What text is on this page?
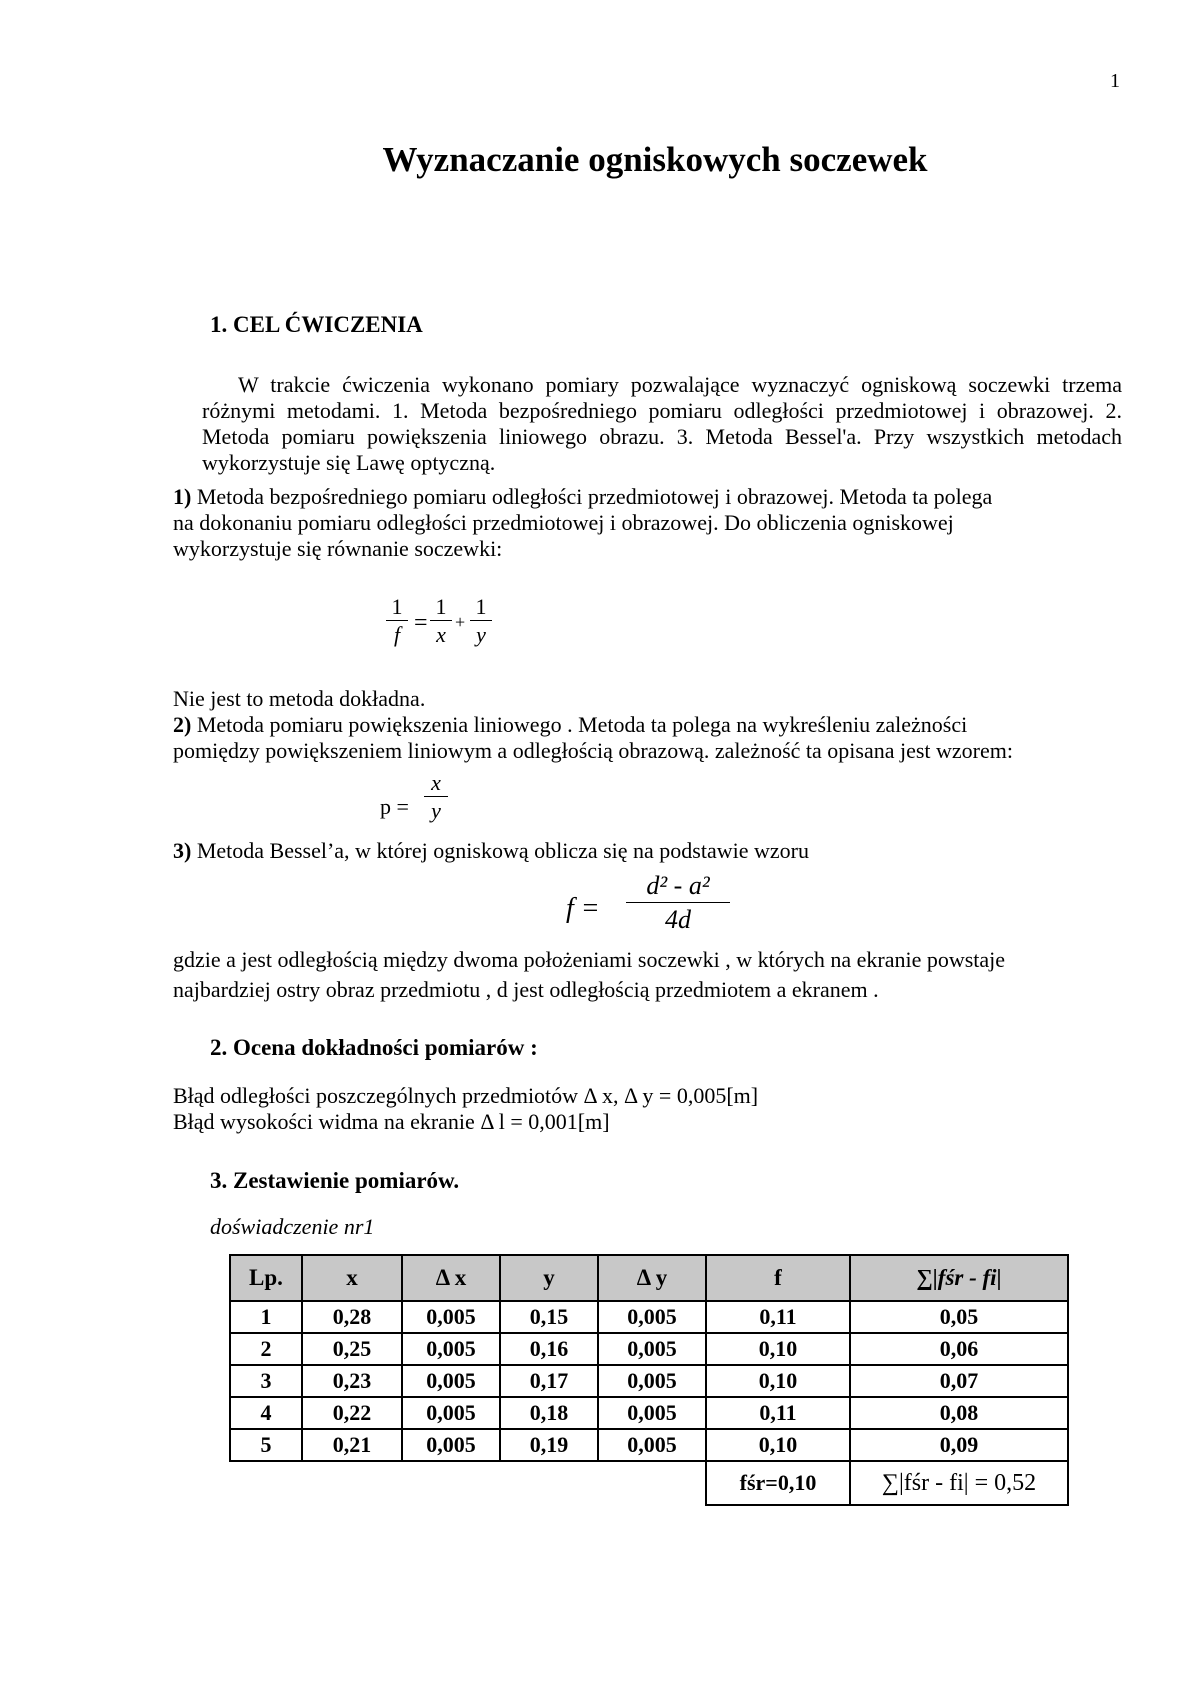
1
Wyznaczanie ogniskowych soczewek
1. CEL ĆWICZENIA
W trakcie ćwiczenia wykonano pomiary pozwalające wyznaczyć ogniskową soczewki trzema różnymi metodami. 1. Metoda bezpośredniego pomiaru odległości przedmiotowej i obrazowej. 2. Metoda pomiaru powiększenia liniowego obrazu. 3. Metoda Bessel'a. Przy wszystkich metodach wykorzystuje się Lawę optyczną.
1) Metoda bezpośredniego pomiaru odległości przedmiotowej i obrazowej. Metoda ta polega
na dokonaniu pomiaru odległości przedmiotowej i obrazowej. Do obliczenia ogniskowej
wykorzystuje się równanie soczewki:
1
f =
1
x +
1
y
Nie jest to metoda dokładna.
2) Metoda pomiaru powiększenia liniowego . Metoda ta polega na wykreśleniu zależności
pomiędzy powiększeniem liniowym a odległością obrazową. zależność ta opisana jest wzorem:
p =
x
y
3) Metoda Bessel’a, w której ogniskową oblicza się na podstawie wzoru
f =
d² - a²
4d
gdzie a jest odległością między dwoma położeniami soczewki , w których na ekranie powstaje
najbardziej ostry obraz przedmiotu , d jest odległością przedmiotem a ekranem .
2. Ocena dokładności pomiarów :
Błąd odległości poszczególnych przedmiotów Δ x, Δ y = 0,005[m]
Błąd wysokości widma na ekranie Δ l = 0,001[m]
3. Zestawienie pomiarów.
doświadczenie nr1
Lp.	x	Δ x	y	Δ y	f	∑|fśr - fi|
1	0,28	0,005	0,15	0,005	0,11	0,05
2	0,25	0,005	0,16	0,005	0,10	0,06
3	0,23	0,005	0,17	0,005	0,10	0,07
4	0,22	0,005	0,18	0,005	0,11	0,08
5	0,21	0,005	0,19	0,005	0,10	0,09
					fśr=0,10	∑|fśr - fi| = 0,52
